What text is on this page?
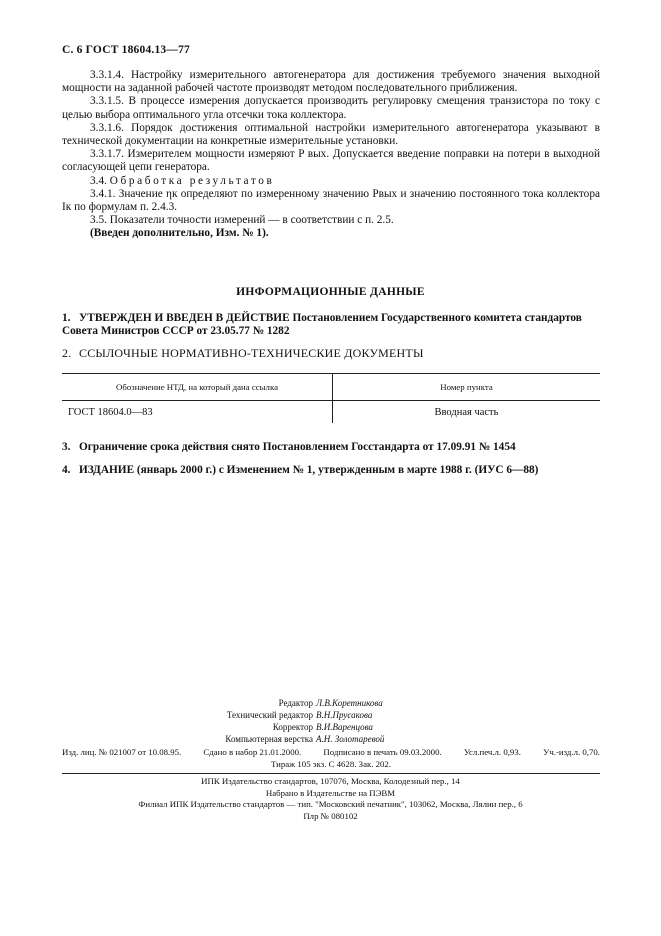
С. 6 ГОСТ 18604.13—77

3.3.1.4. Настройку измерительного автогенератора для достижения требуемого значения выходной мощности на заданной рабочей частоте производят методом последовательного приближения.

3.3.1.5. В процессе измерения допускается производить регулировку смещения транзистора по току с целью выбора оптимального угла отсечки тока коллектора.

3.3.1.6. Порядок достижения оптимальной настройки измерительного автогенератора указывают в технической документации на конкретные измерительные установки.

3.3.1.7. Измерителем мощности измеряют P вых. Допускается введение поправки на потери в выходной согласующей цепи генератора.

3.4. Обработка результатов

3.4.1. Значение ηк определяют по измеренному значению Pвых и значению постоянного тока коллектора Iк по формулам п. 2.4.3.

3.5. Показатели точности измерений — в соответствии с п. 2.5.

(Введен дополнительно, Изм. № 1).

ИНФОРМАЦИОННЫЕ ДАННЫЕ
1. УТВЕРЖДЕН И ВВЕДЕН В ДЕЙСТВИЕ Постановлением Государственного комитета стандартов Совета Министров СССР от 23.05.77 № 1282
2. ССЫЛОЧНЫЕ НОРМАТИВНО-ТЕХНИЧЕСКИЕ ДОКУМЕНТЫ
Обозначение НТД, на который дана ссылка	Номер пункта
ГОСТ 18604.0—83	Вводная часть
3. Ограничение срока действия снято Постановлением Госстандарта от 17.09.91 № 1454
4. ИЗДАНИЕ (январь 2000 г.) с Изменением № 1, утвержденным в марте 1988 г. (ИУС 6—88)
Редактор Л.В.Коретникова
Технический редактор В.Н.Прусакова
Корректор В.И.Варенцова
Компьютерная верстка А.Н. Золотаревой
Изд. лиц. № 021007 от 10.08.95.	Сдано в набор 21.01.2000.	Подписано в печать 09.03.2000.	Усл.печ.л. 0,93.	Уч.-изд.л. 0,70.
Тираж 105 экз. С 4628. Зак. 202.
ИПК Издательство стандартов, 107076, Москва, Колодезный пер., 14
Набрано в Издательстве на ПЭВМ
Филиал ИПК Издательство стандартов — тип. "Московский печатник", 103062, Москва, Лялин пер., 6
Плр № 080102
